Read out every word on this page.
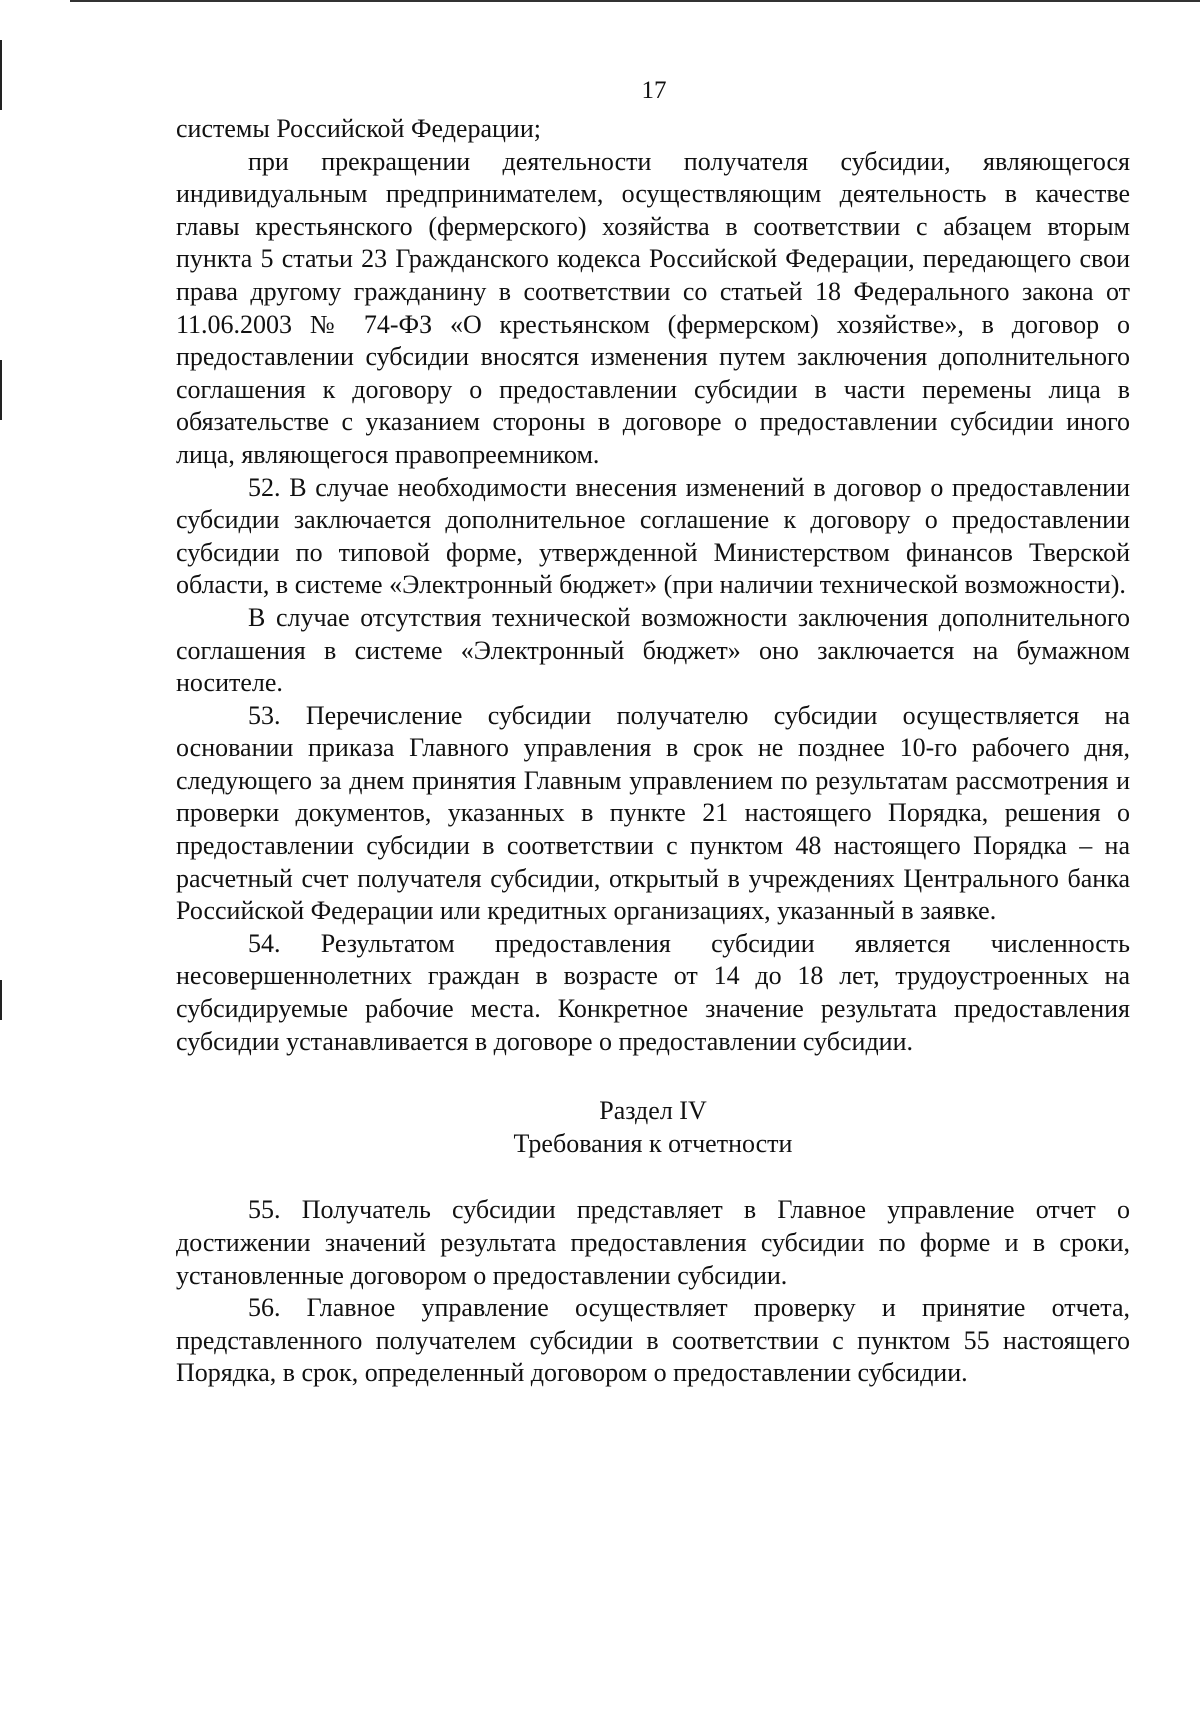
17

системы Российской Федерации;

при прекращении деятельности получателя субсидии, являющегося индивидуальным предпринимателем, осуществляющим деятельность в качестве главы крестьянского (фермерского) хозяйства в соответствии с абзацем вторым пункта 5 статьи 23 Гражданского кодекса Российской Федерации, передающего свои права другому гражданину в соответствии со статьей 18 Федерального закона от 11.06.2003 № 74-ФЗ «О крестьянском (фермерском) хозяйстве», в договор о предоставлении субсидии вносятся изменения путем заключения дополнительного соглашения к договору о предоставлении субсидии в части перемены лица в обязательстве с указанием стороны в договоре о предоставлении субсидии иного лица, являющегося правопреемником.

52. В случае необходимости внесения изменений в договор о предоставлении субсидии заключается дополнительное соглашение к договору о предоставлении субсидии по типовой форме, утвержденной Министерством финансов Тверской области, в системе «Электронный бюджет» (при наличии технической возможности).

В случае отсутствия технической возможности заключения дополнительного соглашения в системе «Электронный бюджет» оно заключается на бумажном носителе.

53. Перечисление субсидии получателю субсидии осуществляется на основании приказа Главного управления в срок не позднее 10-го рабочего дня, следующего за днем принятия Главным управлением по результатам рассмотрения и проверки документов, указанных в пункте 21 настоящего Порядка, решения о предоставлении субсидии в соответствии с пунктом 48 настоящего Порядка – на расчетный счет получателя субсидии, открытый в учреждениях Центрального банка Российской Федерации или кредитных организациях, указанный в заявке.

54. Результатом предоставления субсидии является численность несовершеннолетних граждан в возрасте от 14 до 18 лет, трудоустроенных на субсидируемые рабочие места. Конкретное значение результата предоставления субсидии устанавливается в договоре о предоставлении субсидии.

Раздел IV

Требования к отчетности

55. Получатель субсидии представляет в Главное управление отчет о достижении значений результата предоставления субсидии по форме и в сроки, установленные договором о предоставлении субсидии.

56. Главное управление осуществляет проверку и принятие отчета, представленного получателем субсидии в соответствии с пунктом 55 настоящего Порядка, в срок, определенный договором о предоставлении субсидии.
